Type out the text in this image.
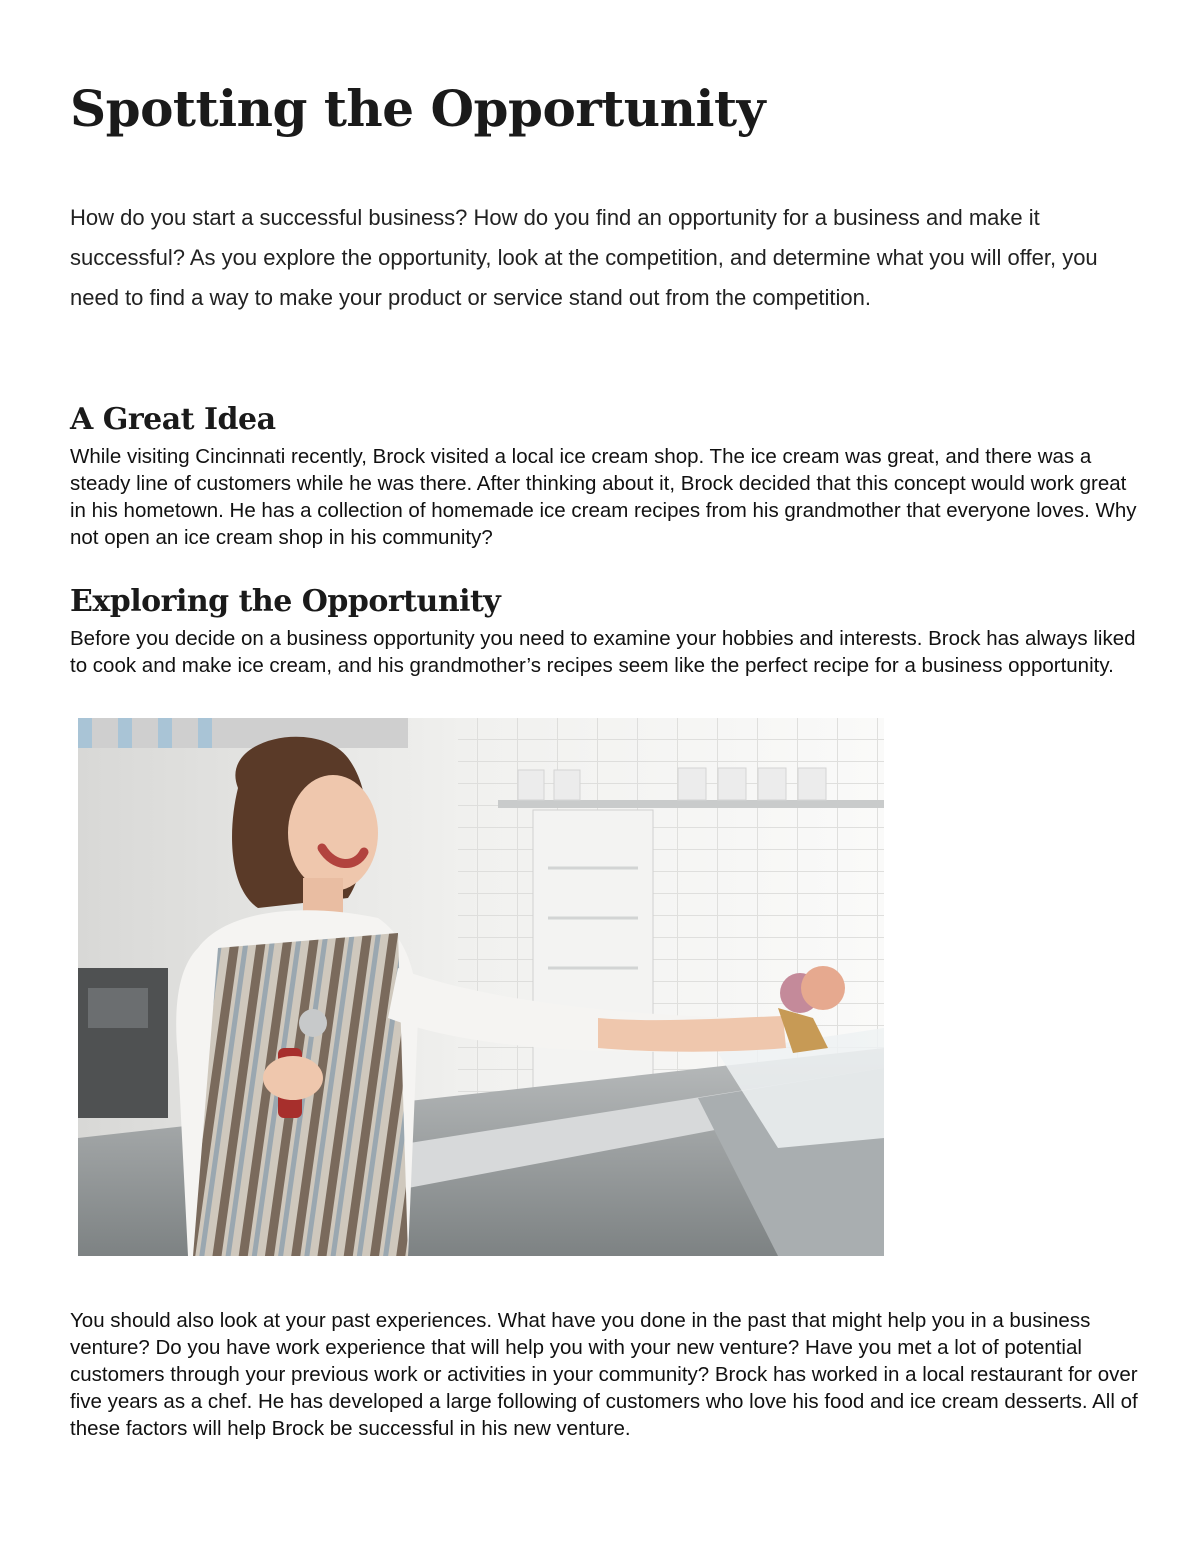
Spotting the Opportunity

How do you start a successful business? How do you find an opportunity for a business and make it successful? As you explore the opportunity, look at the competition, and determine what you will offer, you need to find a way to make your product or service stand out from the competition.

A Great Idea

While visiting Cincinnati recently, Brock visited a local ice cream shop. The ice cream was great, and there was a steady line of customers while he was there. After thinking about it, Brock decided that this concept would work great in his hometown. He has a collection of homemade ice cream recipes from his grandmother that everyone loves. Why not open an ice cream shop in his community?

Exploring the Opportunity

Before you decide on a business opportunity you need to examine your hobbies and interests. Brock has always liked to cook and make ice cream, and his grandmother’s recipes seem like the perfect recipe for a business opportunity.

You should also look at your past experiences. What have you done in the past that might help you in a business venture? Do you have work experience that will help you with your new venture? Have you met a lot of potential customers through your previous work or activities in your community? Brock has worked in a local restaurant for over five years as a chef. He has developed a large following of customers who love his food and ice cream desserts. All of these factors will help Brock be successful in his new venture.
